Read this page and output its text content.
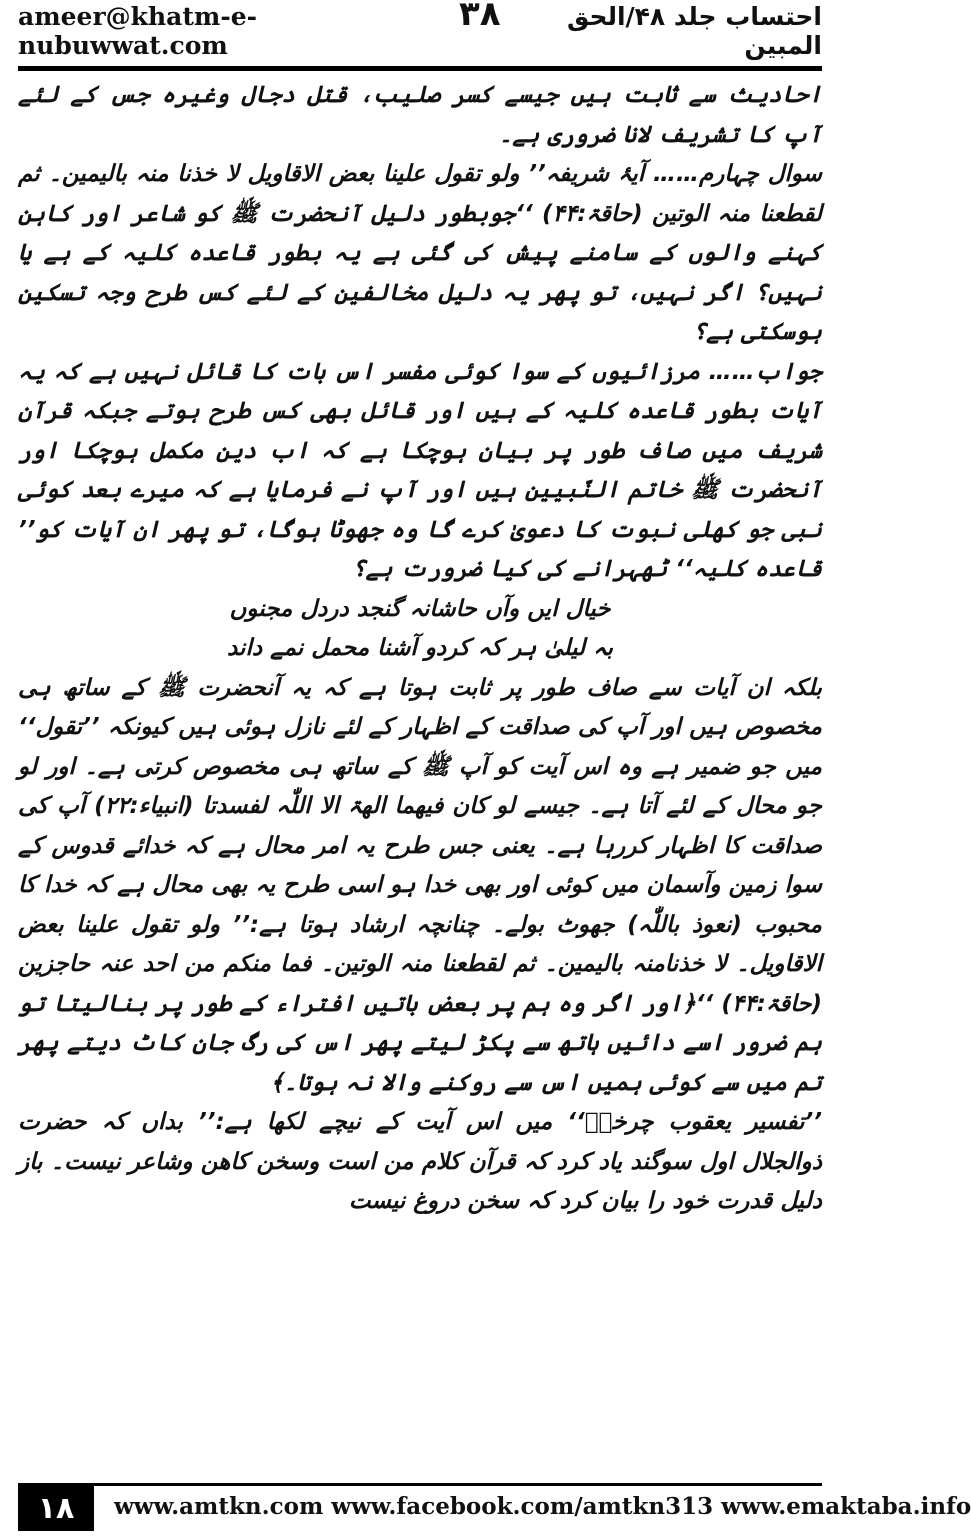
ameer@khatm-e-nubuwwat.com
۳۸	احتساب جلد ۴۸/الحق المبین

احادیث سے ثابت ہیں جیسے کسر صلیب، قتل دجال وغیرہ جس کے لئے آپ کا تشریف لانا ضروری ہے۔

سوال چہارم…… آیۂ شریفہ’’ ولو تقول علینا بعض الاقاویل لا خذنا منہ بالیمین۔ ثم لقطعنا منہ الوتین (حاقۃ:۴۴) ‘‘جوبطور دلیل آنحضرت ﷺ کو شاعر اور کاہن کہنے والوں کے سامنے پیش کی گئی ہے یہ بطور قاعدہ کلیہ کے ہے یا نہیں؟ اگر نہیں، تو پھر یہ دلیل مخالفین کے لئے کس طرح وجہ تسکین ہوسکتی ہے؟

جواب…… مرزائیوں کے سوا کوئی مفسر اس بات کا قائل نہیں ہے کہ یہ آیات بطور قاعدہ کلیہ کے ہیں اور قائل بھی کس طرح ہوتے جبکہ قرآن شریف میں صاف طور پر بیان ہوچکا ہے کہ اب دین مکمل ہوچکا اور آنحضرت ﷺ خاتم النّبیین ہیں اور آپ نے فرمایا ہے کہ میرے بعد کوئی نبی جو کھلی نبوت کا دعویٰ کرے گا وہ جھوٹا ہوگا، تو پھر ان آیات کو’’ قاعدہ کلیہ‘‘ ٹھہرانے کی کیا ضرورت ہے؟

خیال ایں وآں حاشانہ گنجد دردل مجنوں

بہ لیلیٰ ہر کہ کردو آشنا محمل نمے داند

بلکہ ان آیات سے صاف طور پر ثابت ہوتا ہے کہ یہ آنحضرت ﷺ کے ساتھ ہی مخصوص ہیں اور آپ کی صداقت کے اظہار کے لئے نازل ہوئی ہیں کیونکہ ’’تقول‘‘ میں جو ضمیر ہے وہ اس آیت کو آپ ﷺ کے ساتھ ہی مخصوص کرتی ہے۔ اور لو جو محال کے لئے آتا ہے۔ جیسے لو کان فیھما الھۃ الا اللّٰہ لفسدتا (انبیاء:۲۲) آپ کی صداقت کا اظہار کررہا ہے۔ یعنی جس طرح یہ امر محال ہے کہ خدائے قدوس کے سوا زمین وآسمان میں کوئی اور بھی خدا ہو اسی طرح یہ بھی محال ہے کہ خدا کا محبوب (نعوذ باللّٰہ) جھوٹ بولے۔ چنانچہ ارشاد ہوتا ہے:’’ ولو تقول علینا بعض الاقاویل۔ لا خذنامنہ بالیمین۔ ثم لقطعنا منہ الوتین۔ فما منکم من احد عنہ حاجزین (حاقۃ:۴۴) ‘‘﴿اور اگر وہ ہم پر بعض باتیں افتراء کے طور پر بنالیتا تو ہم ضرور اسے دائیں ہاتھ سے پکڑ لیتے پھر اس کی رگ جان کاٹ دیتے پھر تم میں سے کوئی ہمیں اس سے روکنے والا نہ ہوتا۔﴾

’’تفسیر یعقوب چرخیؒ‘‘ میں اس آیت کے نیچے لکھا ہے:’’ بداں کہ حضرت ذوالجلال اول سوگند یاد کرد کہ قرآن کلام من است وسخن کاھن وشاعر نیست۔ باز دلیل قدرت خود را بیان کرد کہ سخن دروغ نیست

۱۸	www.amtkn.com www.facebook.com/amtkn313 www.emaktaba.info
